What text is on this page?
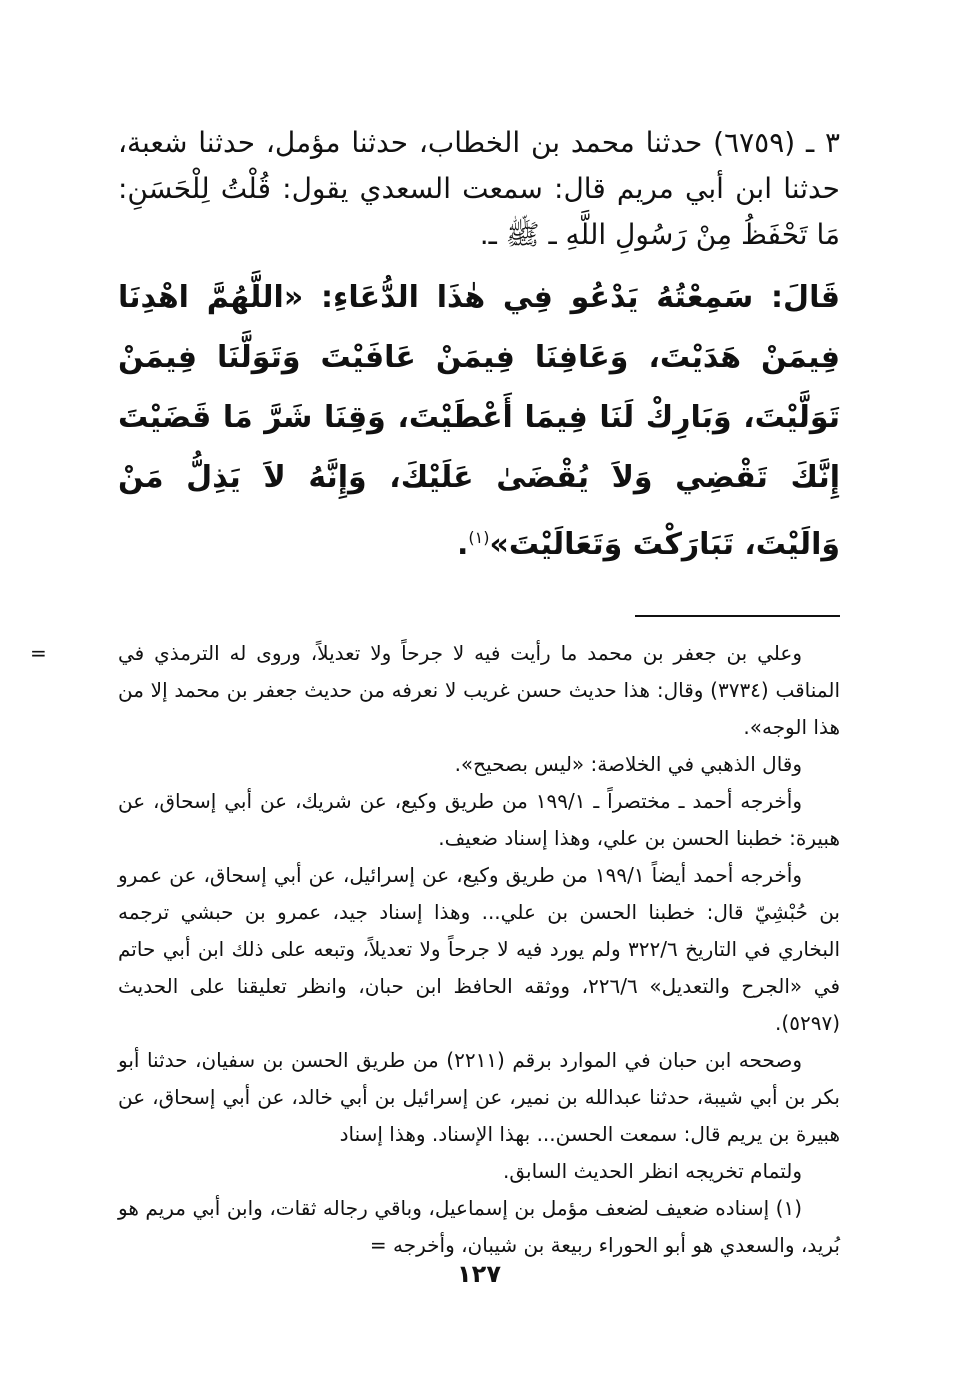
٣ ـ (٦٧٥٩) حدثنا محمد بن الخطاب، حدثنا مؤمل، حدثنا شعبة، حدثنا ابن أبي مريم قال: سمعت السعدي يقول: قُلْتُ لِلْحَسَنِ: مَا تَحْفَظُ مِنْ رَسُولِ اللَّهِ ـ ﷺ ـ.

قَالَ: سَمِعْتُهُ يَدْعُو فِي هٰذَا الدُّعَاءِ: «اللَّهُمَّ اهْدِنَا فِيمَنْ هَدَيْتَ، وَعَافِنَا فِيمَنْ عَافَيْتَ وَتَوَلَّنَا فِيمَنْ تَوَلَّيْتَ، وَبَارِكْ لَنَا فِيمَا أَعْطَيْتَ، وَقِنَا شَرَّ مَا قَضَيْتَ إِنَّكَ تَقْضِي وَلاَ يُقْضَىٰ عَلَيْكَ، وَإِنَّهُ لاَ يَذِلُّ مَنْ وَالَيْتَ، تَبَارَكْتَ وَتَعَالَيْتَ»$^{(١)}$.

=	وعلي بن جعفر بن محمد ما رأيت فيه لا جرحاً ولا تعديلاً، وروى له الترمذي في المناقب (٣٧٣٤) وقال: هذا حديث حسن غريب لا نعرفه من حديث جعفر بن محمد إلا من هذا الوجه».

وقال الذهبي في الخلاصة: «ليس بصحيح».

وأخرجه أحمد ـ مختصراً ـ ١٩٩/١ من طريق وكيع، عن شريك، عن أبي إسحاق، عن هبيرة: خطبنا الحسن بن علي، وهذا إسناد ضعيف.

وأخرجه أحمد أيضاً ١٩٩/١ من طريق وكيع، عن إسرائيل، عن أبي إسحاق، عن عمرو بن حُبْشِيّ قال: خطبنا الحسن بن علي... وهذا إسناد جيد، عمرو بن حبشي ترجمه البخاري في التاريخ ٣٢٢/٦ ولم يورد فيه لا جرحاً ولا تعديلاً، وتبعه على ذلك ابن أبي حاتم في «الجرح والتعديل» ٢٢٦/٦، ووثقه الحافظ ابن حبان، وانظر تعليقنا على الحديث (٥٢٩٧).

وصححه ابن حبان في الموارد برقم (٢٢١١) من طريق الحسن بن سفيان، حدثنا أبو بكر بن أبي شيبة، حدثنا عبدالله بن نمير، عن إسرائيل بن أبي خالد، عن أبي إسحاق، عن هبيرة بن يريم قال: سمعت الحسن... بهذا الإسناد. وهذا إسناد

ولتمام تخريجه انظر الحديث السابق.

(١) إسناده ضعيف لضعف مؤمل بن إسماعيل، وباقي رجاله ثقات، وابن أبي مريم هو بُريد، والسعدي هو أبو الحوراء ربيعة بن شيبان، وأخرجه =

١٢٧
